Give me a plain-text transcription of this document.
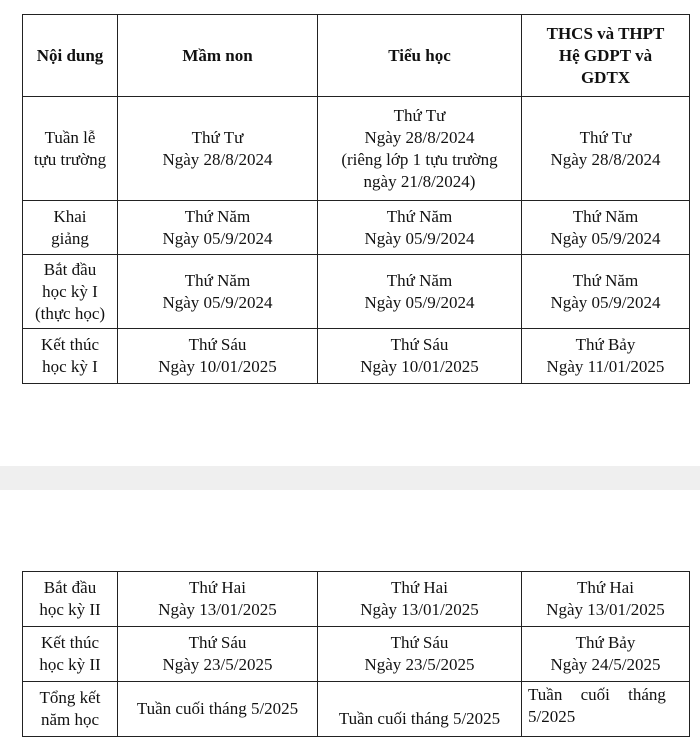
Nội dung	Mầm non	Tiểu học	THCS và THPT
Hệ GDPT và
GDTX

Tuần lễ
tựu trường	Thứ Tư
Ngày 28/8/2024	Thứ Tư
Ngày 28/8/2024
(riêng lớp 1 tựu trường
ngày 21/8/2024)	Thứ Tư
Ngày 28/8/2024

Khai
giảng	Thứ Năm
Ngày 05/9/2024	Thứ Năm
Ngày 05/9/2024	Thứ Năm
Ngày 05/9/2024

Bắt đầu
học kỳ I
(thực học)	Thứ Năm
Ngày 05/9/2024	Thứ Năm
Ngày 05/9/2024	Thứ Năm
Ngày 05/9/2024

Kết thúc
học kỳ I	Thứ Sáu
Ngày 10/01/2025	Thứ Sáu
Ngày 10/01/2025	Thứ Bảy
Ngày 11/01/2025
Bắt đầu
học kỳ II	Thứ Hai
Ngày 13/01/2025	Thứ Hai
Ngày 13/01/2025	Thứ Hai
Ngày 13/01/2025

Kết thúc
học kỳ II	Thứ Sáu
Ngày 23/5/2025	Thứ Sáu
Ngày 23/5/2025	Thứ Bảy
Ngày 24/5/2025

Tổng kết
năm học	Tuần cuối tháng 5/2025	Tuần cuối tháng 5/2025	Tuần cuối tháng
5/2025
